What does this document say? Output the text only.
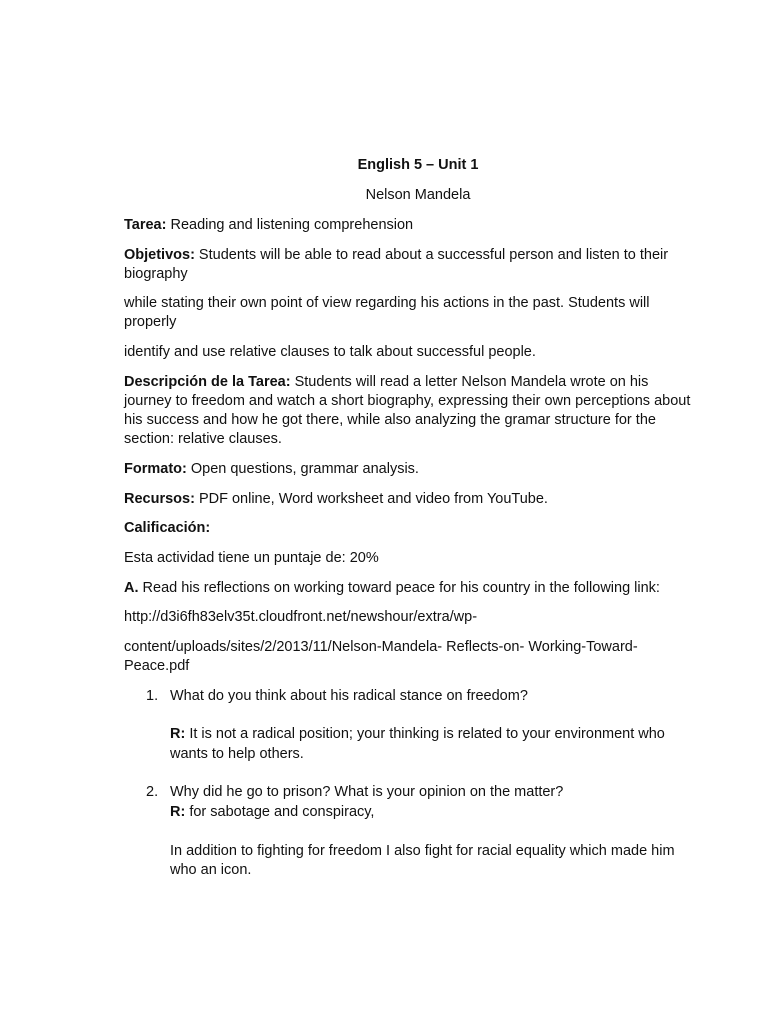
English 5 – Unit 1
Nelson Mandela
Tarea: Reading and listening comprehension
Objetivos: Students will be able to read about a successful person and listen to their
biography
while stating their own point of view regarding his actions in the past. Students will
properly
identify and use relative clauses to talk about successful people.
Descripción de la Tarea: Students will read a letter Nelson Mandela wrote on his
journey to freedom and watch a short biography, expressing their own perceptions about
his success and how he got there, while also analyzing the gramar structure for the
section: relative clauses.
Formato: Open questions, grammar analysis.
Recursos: PDF online, Word worksheet and video from YouTube.
Calificación:
Esta actividad tiene un puntaje de: 20%
A. Read his reflections on working toward peace for his country in the following link:
http://d3i6fh83elv35t.cloudfront.net/newshour/extra/wp-
content/uploads/sites/2/2013/11/Nelson-Mandela- Reflects-on- Working-Toward-
Peace.pdf
1. What do you think about his radical stance on freedom?
R: It is not a radical position; your thinking is related to your environment who
wants to help others.
2. Why did he go to prison? What is your opinion on the matter?
R: for sabotage and conspiracy,
In addition to fighting for freedom I also fight for racial equality which made him
who an icon.
